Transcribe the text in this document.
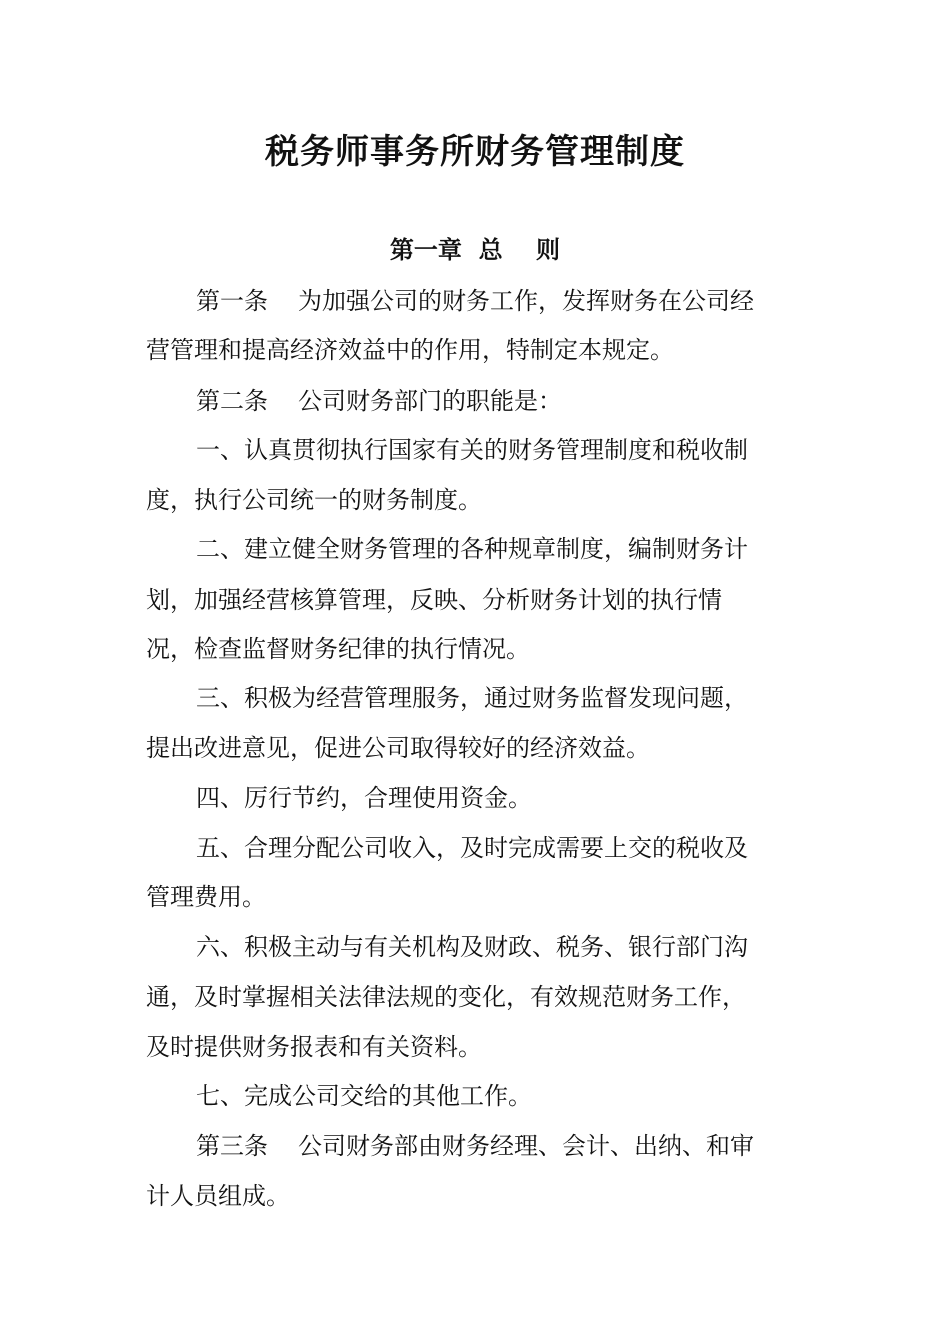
税务师事务所财务管理制度
第一章  总    则
第一条 为加强公司的财务工作，发挥财务在公司经
营管理和提高经济效益中的作用，特制定本规定。
第二条 公司财务部门的职能是：
一、认真贯彻执行国家有关的财务管理制度和税收制
度，执行公司统一的财务制度。
二、建立健全财务管理的各种规章制度，编制财务计
划，加强经营核算管理，反映、分析财务计划的执行情
况，检查监督财务纪律的执行情况。
三、积极为经营管理服务，通过财务监督发现问题，
提出改进意见，促进公司取得较好的经济效益。
四、厉行节约，合理使用资金。
五、合理分配公司收入，及时完成需要上交的税收及
管理费用。
六、积极主动与有关机构及财政、税务、银行部门沟
通，及时掌握相关法律法规的变化，有效规范财务工作，
及时提供财务报表和有关资料。
七、完成公司交给的其他工作。
第三条 公司财务部由财务经理、会计、出纳、和审
计人员组成。
